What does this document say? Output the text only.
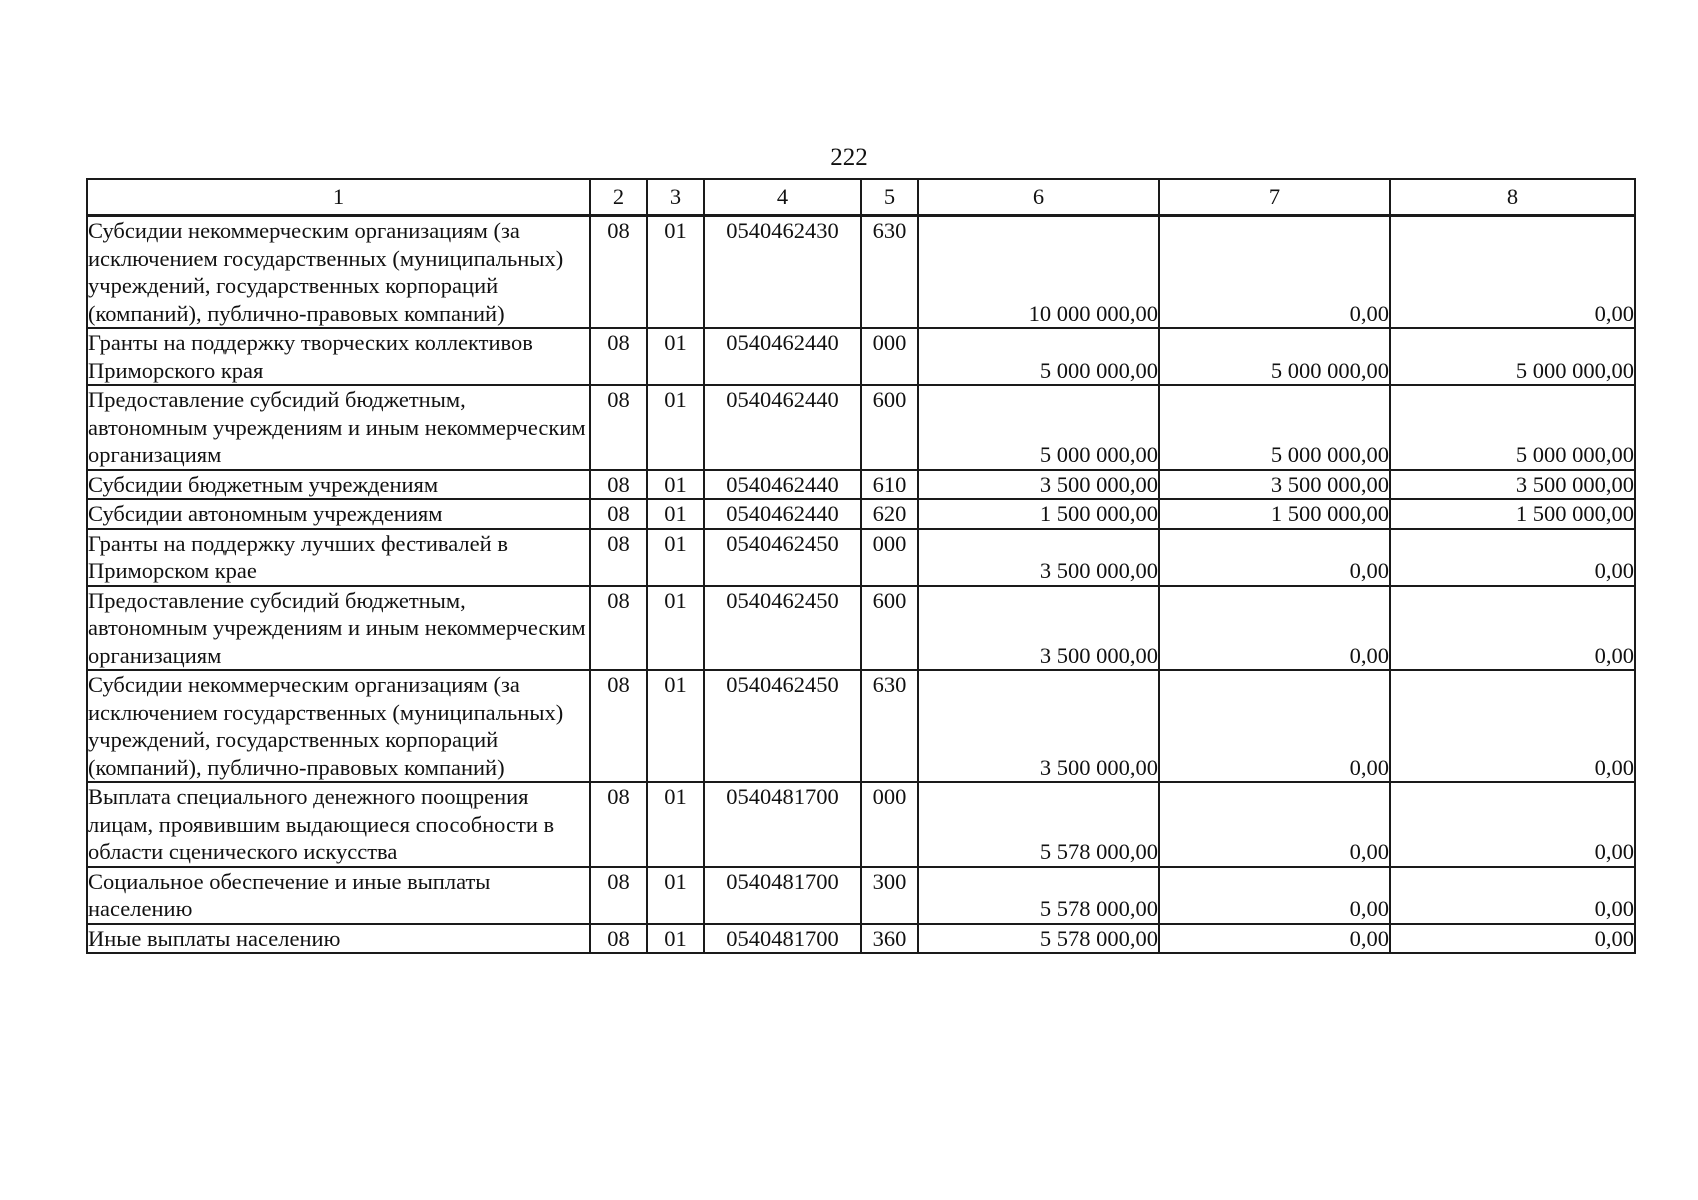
222
1	2	3	4	5	6	7	8
Субсидии некоммерческим организациям (за исключением государственных (муниципальных) учреждений, государственных корпораций (компаний), публично-правовых компаний)	08	01	0540462430	630	10 000 000,00	0,00	0,00
Гранты на поддержку творческих коллективов Приморского края	08	01	0540462440	000	5 000 000,00	5 000 000,00	5 000 000,00
Предоставление субсидий бюджетным, автономным учреждениям и иным некоммерческим организациям	08	01	0540462440	600	5 000 000,00	5 000 000,00	5 000 000,00
Субсидии бюджетным учреждениям	08	01	0540462440	610	3 500 000,00	3 500 000,00	3 500 000,00
Субсидии автономным учреждениям	08	01	0540462440	620	1 500 000,00	1 500 000,00	1 500 000,00
Гранты на поддержку лучших фестивалей в Приморском крае	08	01	0540462450	000	3 500 000,00	0,00	0,00
Предоставление субсидий бюджетным, автономным учреждениям и иным некоммерческим организациям	08	01	0540462450	600	3 500 000,00	0,00	0,00
Субсидии некоммерческим организациям (за исключением государственных (муниципальных) учреждений, государственных корпораций (компаний), публично-правовых компаний)	08	01	0540462450	630	3 500 000,00	0,00	0,00
Выплата специального денежного поощрения лицам, проявившим выдающиеся способности в области сценического искусства	08	01	0540481700	000	5 578 000,00	0,00	0,00
Социальное обеспечение и иные выплаты населению	08	01	0540481700	300	5 578 000,00	0,00	0,00
Иные выплаты населению	08	01	0540481700	360	5 578 000,00	0,00	0,00
